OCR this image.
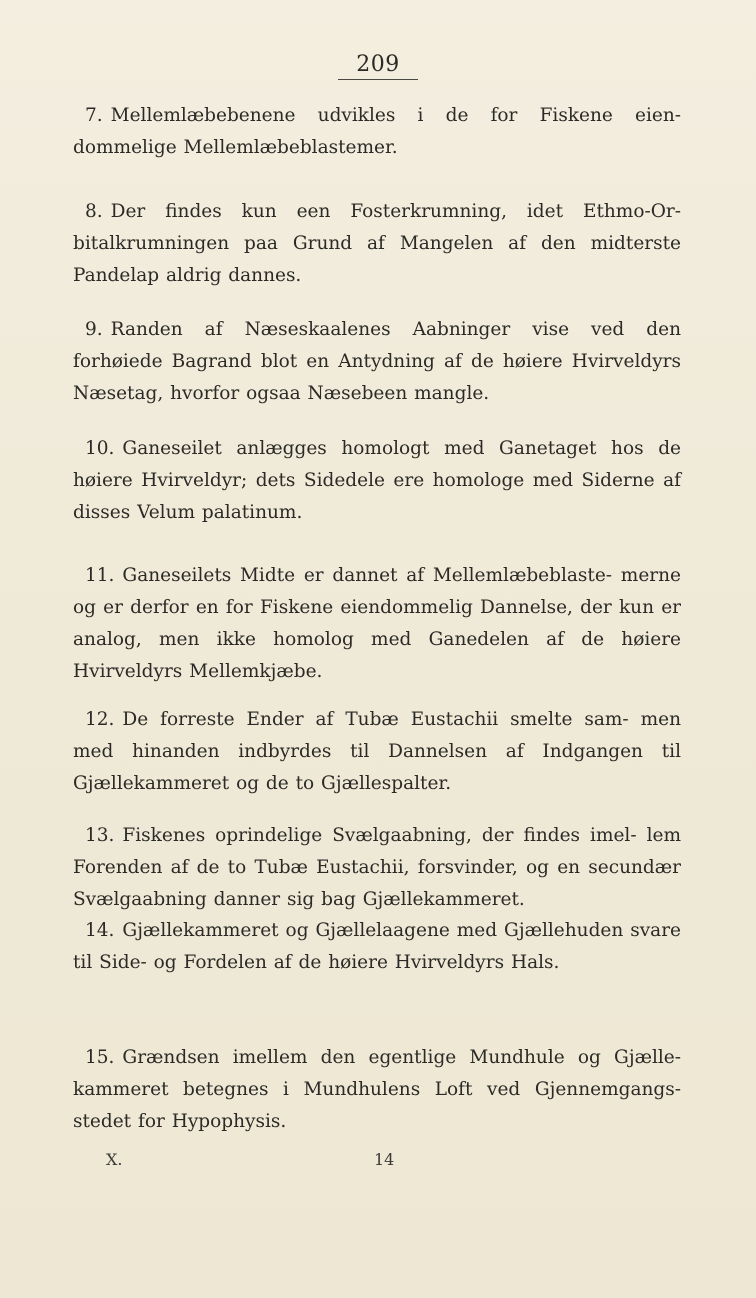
209

7. Mellemlæbebenene udvikles i de for Fiskene eien- dommelige Mellemlæbeblastemer.

8. Der findes kun een Fosterkrumning, idet Ethmo-Or- bitalkrumningen paa Grund af Mangelen af den midterste Pandelap aldrig dannes.

9. Randen af Næseskaalenes Aabninger vise ved den forhøiede Bagrand blot en Antydning af de høiere Hvirveldyrs Næsetag, hvorfor ogsaa Næsebeen mangle.

10. Ganeseilet anlægges homologt med Ganetaget hos de høiere Hvirveldyr; dets Sidedele ere homologe med Siderne af disses Velum palatinum.

11. Ganeseilets Midte er dannet af Mellemlæbeblaste- merne og er derfor en for Fiskene eiendommelig Dannelse, der kun er analog, men ikke homolog med Ganedelen af de høiere Hvirveldyrs Mellemkjæbe.

12. De forreste Ender af Tubæ Eustachii smelte sam- men med hinanden indbyrdes til Dannelsen af Indgangen til Gjællekammeret og de to Gjællespalter.

13. Fiskenes oprindelige Svælgaabning, der findes imel- lem Forenden af de to Tubæ Eustachii, forsvinder, og en secundær Svælgaabning danner sig bag Gjællekammeret.

14. Gjællekammeret og Gjællelaagene med Gjællehuden svare til Side- og Fordelen af de høiere Hvirveldyrs Hals.

15. Grændsen imellem den egentlige Mundhule og Gjælle- kammeret betegnes i Mundhulens Loft ved Gjennemgangs- stedet for Hypophysis.

X.	14
